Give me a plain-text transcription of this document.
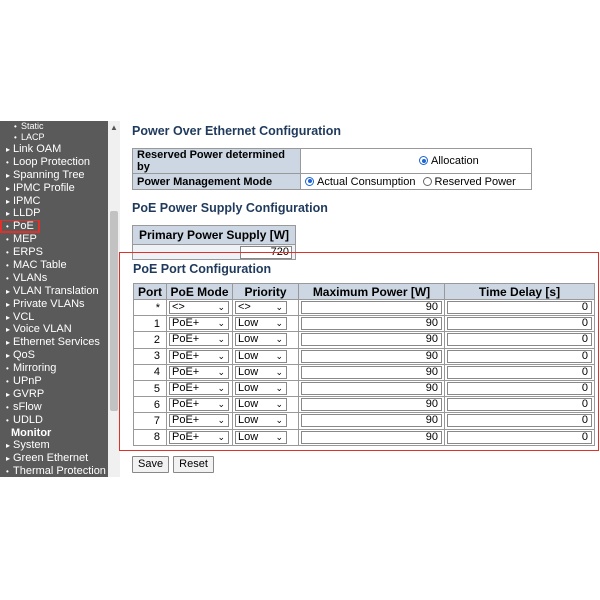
• Static
• LACP
▸ Link OAM
• Loop Protection
▸ Spanning Tree
▸ IPMC Profile
▸ IPMC
▸ LLDP
• PoE
• MEP
• ERPS
• MAC Table
• VLANs
▸ VLAN Translation
▸ Private VLANs
▸ VCL
▸ Voice VLAN
▸ Ethernet Services
▸ QoS
• Mirroring
• UPnP
▸ GVRP
• sFlow
• UDLD
Monitor
▸ System
▸ Green Ethernet
• Thermal Protection
▲ Power Over Ethernet Configuration
Reserved Power determined by	Allocation
Power Management Mode	Actual Consumption Reserved Power
PoE Power Supply Configuration
Primary Power Supply [W]

720
PoE Port Configuration
Port	PoE Mode	Priority	Maximum Power [W]	Time Delay [s]
*	<> ⌄	<> ⌄	90	0

1	PoE+ ⌄	Low ⌄	90	0

2	PoE+ ⌄	Low ⌄	90	0

3	PoE+ ⌄	Low ⌄	90	0

4	PoE+ ⌄	Low ⌄	90	0

5	PoE+ ⌄	Low ⌄	90	0

6	PoE+ ⌄	Low ⌄	90	0

7	PoE+ ⌄	Low ⌄	90	0

8	PoE+ ⌄	Low ⌄	90	0
Save Reset
